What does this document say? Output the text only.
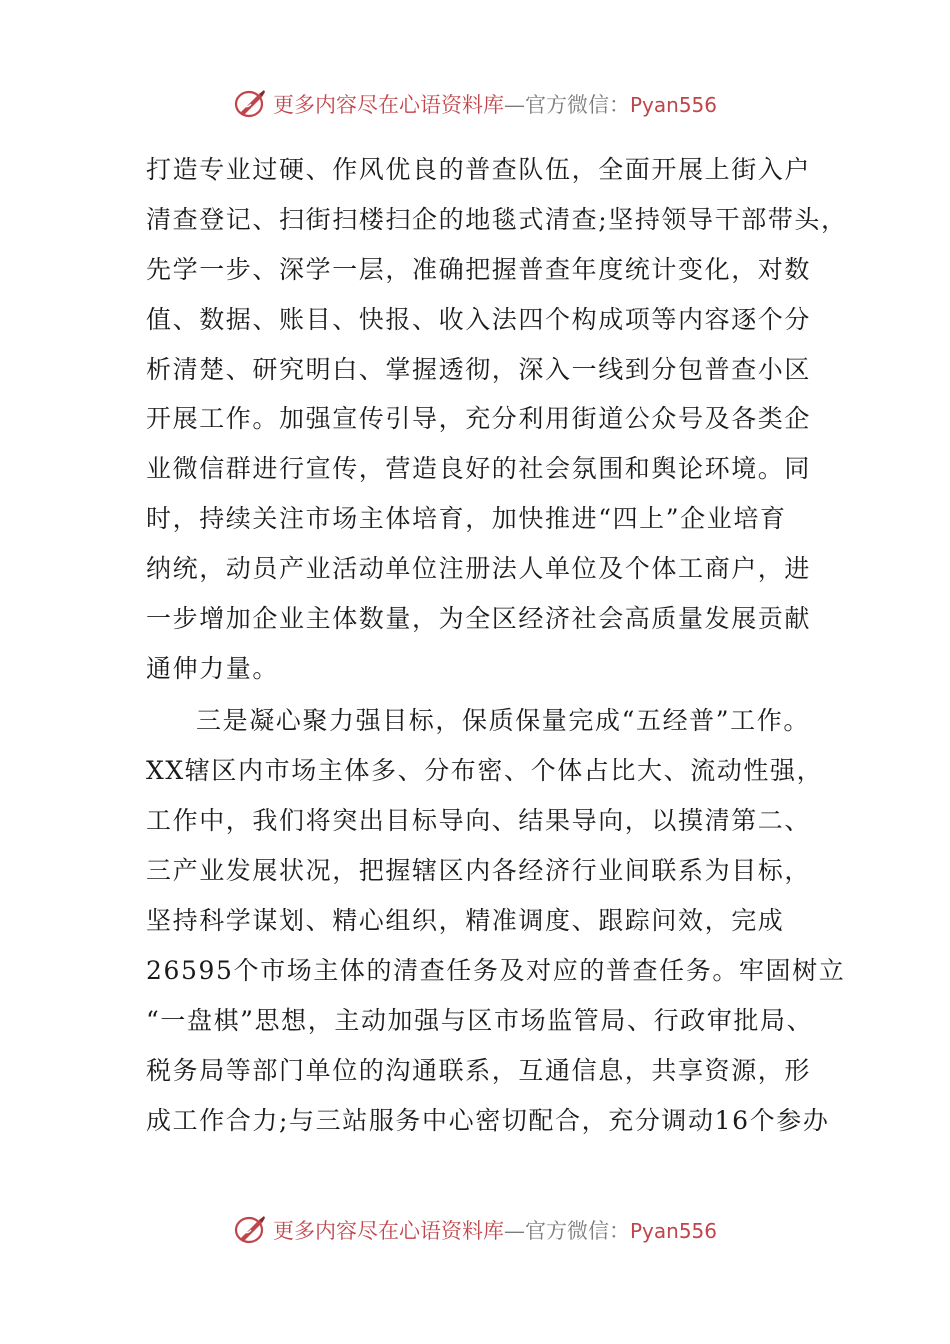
更多内容尽在心语资料库—官方微信：Pyan556
打造专业过硬、作风优良的普查队伍，全面开展上街入户
清查登记、扫街扫楼扫企的地毯式清查;坚持领导干部带头，
先学一步、深学一层，准确把握普查年度统计变化，对数
值、数据、账目、快报、收入法四个构成项等内容逐个分
析清楚、研究明白、掌握透彻，深入一线到分包普查小区
开展工作。加强宣传引导，充分利用街道公众号及各类企
业微信群进行宣传，营造良好的社会氛围和舆论环境。同
时，持续关注市场主体培育，加快推进“四上”企业培育
纳统，动员产业活动单位注册法人单位及个体工商户，进
一步增加企业主体数量，为全区经济社会高质量发展贡献
通伸力量。
三是凝心聚力强目标，保质保量完成“五经普”工作。
XX辖区内市场主体多、分布密、个体占比大、流动性强，
工作中，我们将突出目标导向、结果导向，以摸清第二、
三产业发展状况，把握辖区内各经济行业间联系为目标，
坚持科学谋划、精心组织，精准调度、跟踪问效，完成
26595个市场主体的清查任务及对应的普查任务。牢固树立
“一盘棋”思想，主动加强与区市场监管局、行政审批局、
税务局等部门单位的沟通联系，互通信息，共享资源，形
成工作合力;与三站服务中心密切配合，充分调动16个参办
更多内容尽在心语资料库—官方微信：Pyan556
